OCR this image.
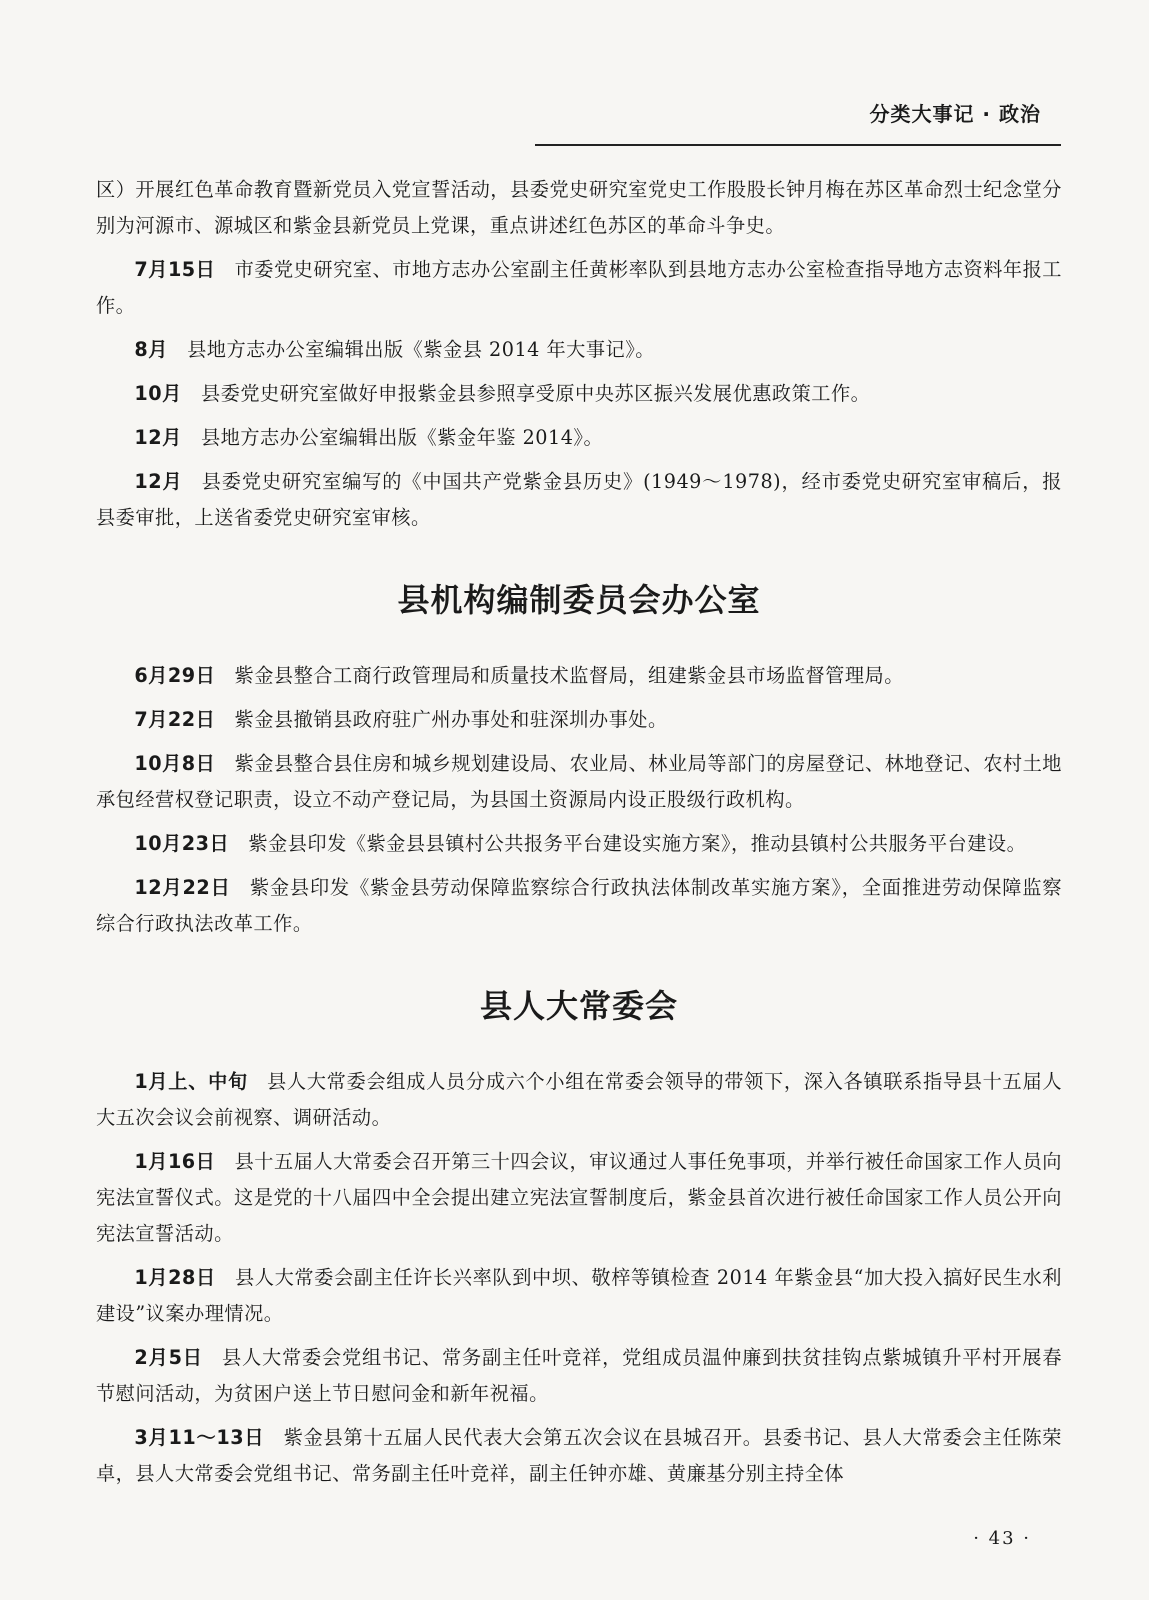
分类大事记 · 政治

区）开展红色革命教育暨新党员入党宣誓活动，县委党史研究室党史工作股股长钟月梅在苏区革命烈士纪念堂分别为河源市、源城区和紫金县新党员上党课，重点讲述红色苏区的革命斗争史。

7月15日 市委党史研究室、市地方志办公室副主任黄彬率队到县地方志办公室检查指导地方志资料年报工作。

8月 县地方志办公室编辑出版《紫金县 2014 年大事记》。

10月 县委党史研究室做好申报紫金县参照享受原中央苏区振兴发展优惠政策工作。

12月 县地方志办公室编辑出版《紫金年鉴 2014》。

12月 县委党史研究室编写的《中国共产党紫金县历史》(1949～1978)，经市委党史研究室审稿后，报县委审批，上送省委党史研究室审核。

县机构编制委员会办公室

6月29日 紫金县整合工商行政管理局和质量技术监督局，组建紫金县市场监督管理局。

7月22日 紫金县撤销县政府驻广州办事处和驻深圳办事处。

10月8日 紫金县整合县住房和城乡规划建设局、农业局、林业局等部门的房屋登记、林地登记、农村土地承包经营权登记职责，设立不动产登记局，为县国土资源局内设正股级行政机构。

10月23日 紫金县印发《紫金县县镇村公共报务平台建设实施方案》，推动县镇村公共服务平台建设。

12月22日 紫金县印发《紫金县劳动保障监察综合行政执法体制改革实施方案》，全面推进劳动保障监察综合行政执法改革工作。

县人大常委会

1月上、中旬 县人大常委会组成人员分成六个小组在常委会领导的带领下，深入各镇联系指导县十五届人大五次会议会前视察、调研活动。

1月16日 县十五届人大常委会召开第三十四会议，审议通过人事任免事项，并举行被任命国家工作人员向宪法宣誓仪式。这是党的十八届四中全会提出建立宪法宣誓制度后，紫金县首次进行被任命国家工作人员公开向宪法宣誓活动。

1月28日 县人大常委会副主任许长兴率队到中坝、敬梓等镇检查 2014 年紫金县“加大投入搞好民生水利建设”议案办理情况。

2月5日 县人大常委会党组书记、常务副主任叶竞祥，党组成员温仲廉到扶贫挂钩点紫城镇升平村开展春节慰问活动，为贫困户送上节日慰问金和新年祝福。

3月11～13日 紫金县第十五届人民代表大会第五次会议在县城召开。县委书记、县人大常委会主任陈荣卓，县人大常委会党组书记、常务副主任叶竞祥，副主任钟亦雄、黄廉基分别主持全体

· 43 ·
